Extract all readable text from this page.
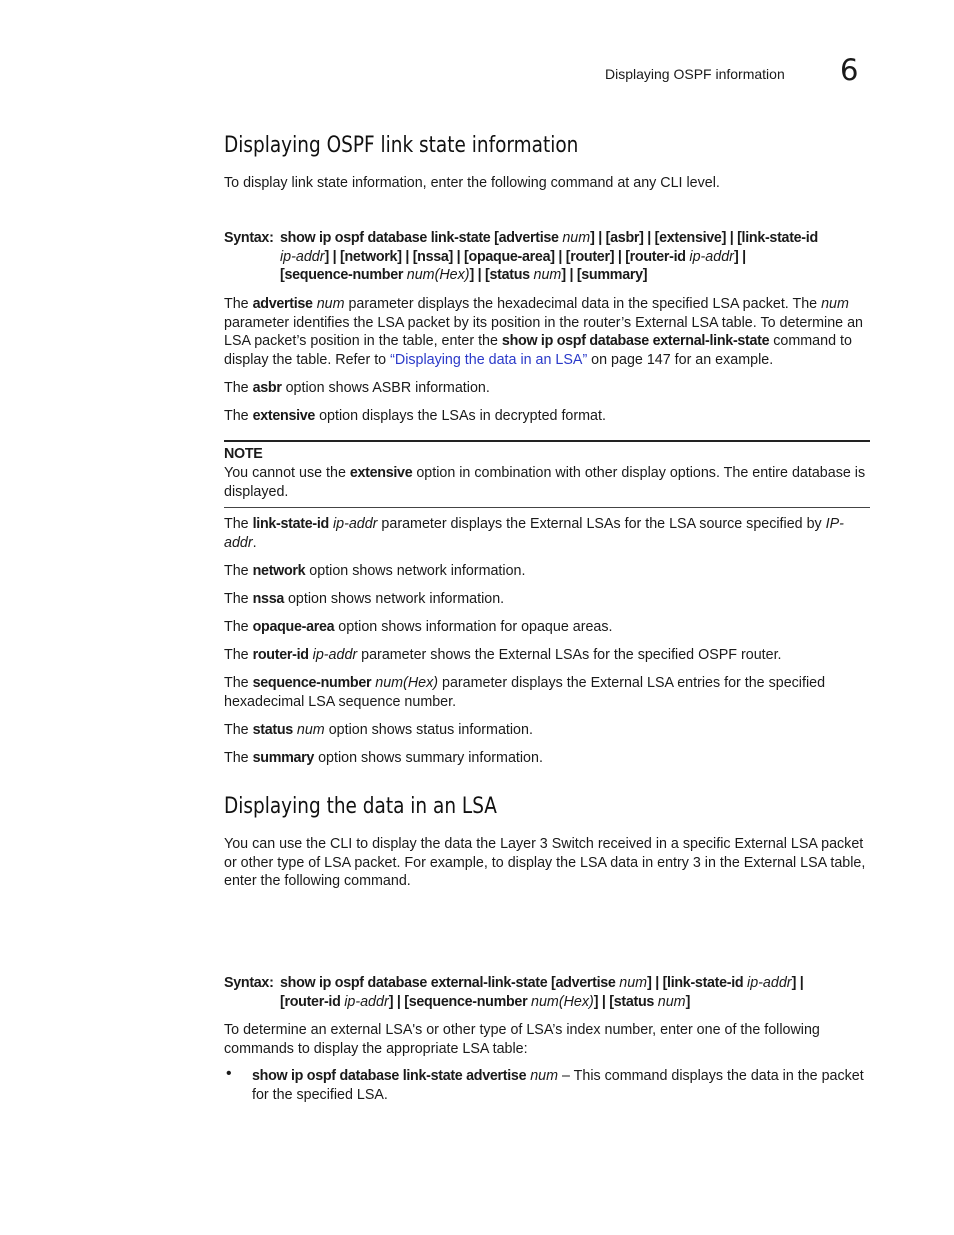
Displaying OSPF information 6
Displaying OSPF link state information

To display link state information, enter the following command at any CLI level.

Syntax: show ip ospf database link-state [advertise num] | [asbr] | [extensive] | [link-state-id
ip-addr] | [network] | [nssa] | [opaque-area] | [router] | [router-id ip-addr] |
[sequence-number num(Hex)] | [status num] | [summary]

The advertise num parameter displays the hexadecimal data in the specified LSA packet. The num parameter identifies the LSA packet by its position in the router’s External LSA table. To determine an LSA packet’s position in the table, enter the show ip ospf database external-link-state command to display the table. Refer to “Displaying the data in an LSA” on page 147 for an example.

The asbr option shows ASBR information.

The extensive option displays the LSAs in decrypted format.

NOTE
You cannot use the extensive option in combination with other display options. The entire database is displayed.

The link-state-id ip-addr parameter displays the External LSAs for the LSA source specified by IP-addr.

The network option shows network information.

The nssa option shows network information.

The opaque-area option shows information for opaque areas.

The router-id ip-addr parameter shows the External LSAs for the specified OSPF router.

The sequence-number num(Hex) parameter displays the External LSA entries for the specified hexadecimal LSA sequence number.

The status num option shows status information.

The summary option shows summary information.

Displaying the data in an LSA

You can use the CLI to display the data the Layer 3 Switch received in a specific External LSA packet or other type of LSA packet. For example, to display the LSA data in entry 3 in the External LSA table, enter the following command.

Syntax: show ip ospf database external-link-state [advertise num] | [link-state-id ip-addr] |
[router-id ip-addr] | [sequence-number num(Hex)] | [status num]

To determine an external LSA's or other type of LSA’s index number, enter one of the following commands to display the appropriate LSA table:

• show ip ospf database link-state advertise num – This command displays the data in the packet for the specified LSA.
